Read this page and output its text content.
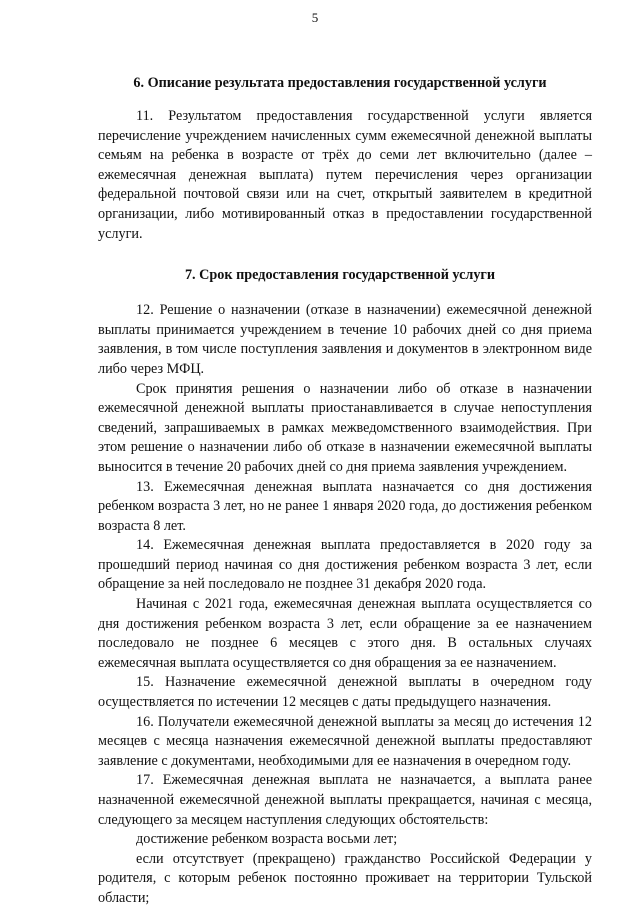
5
6. Описание результата предоставления государственной услуги

11. Результатом предоставления государственной услуги является перечисление учреждением начисленных сумм ежемесячной денежной выплаты семьям на ребенка в возрасте от трёх до семи лет включительно (далее – ежемесячная денежная выплата) путем перечисления через организации федеральной почтовой связи или на счет, открытый заявителем в кредитной организации, либо мотивированный отказ в предоставлении государственной услуги.

7. Срок предоставления государственной услуги

12. Решение о назначении (отказе в назначении) ежемесячной денежной выплаты принимается учреждением в течение 10 рабочих дней со дня приема заявления, в том числе поступления заявления и документов в электронном виде либо через МФЦ.

Срок принятия решения о назначении либо об отказе в назначении ежемесячной денежной выплаты приостанавливается в случае непоступления сведений, запрашиваемых в рамках межведомственного взаимодействия. При этом решение о назначении либо об отказе в назначении ежемесячной выплаты выносится в течение 20 рабочих дней со дня приема заявления учреждением.

13. Ежемесячная денежная выплата назначается со дня достижения ребенком возраста 3 лет, но не ранее 1 января 2020 года, до достижения ребенком возраста 8 лет.

14. Ежемесячная денежная выплата предоставляется в 2020 году за прошедший период начиная со дня достижения ребенком возраста 3 лет, если обращение за ней последовало не позднее 31 декабря 2020 года.

Начиная с 2021 года, ежемесячная денежная выплата осуществляется со дня достижения ребенком возраста 3 лет, если обращение за ее назначением последовало не позднее 6 месяцев с этого дня. В остальных случаях ежемесячная выплата осуществляется со дня обращения за ее назначением.

15. Назначение ежемесячной денежной выплаты в очередном году осуществляется по истечении 12 месяцев с даты предыдущего назначения.

16. Получатели ежемесячной денежной выплаты за месяц до истечения 12 месяцев с месяца назначения ежемесячной денежной выплаты предоставляют заявление с документами, необходимыми для ее назначения в очередном году.

17. Ежемесячная денежная выплата не назначается, а выплата ранее назначенной ежемесячной денежной выплаты прекращается, начиная с месяца, следующего за месяцем наступления следующих обстоятельств:

достижение ребенком возраста восьми лет;

если отсутствует (прекращено) гражданство Российской Федерации у родителя, с которым ребенок постоянно проживает на территории Тульской области;
